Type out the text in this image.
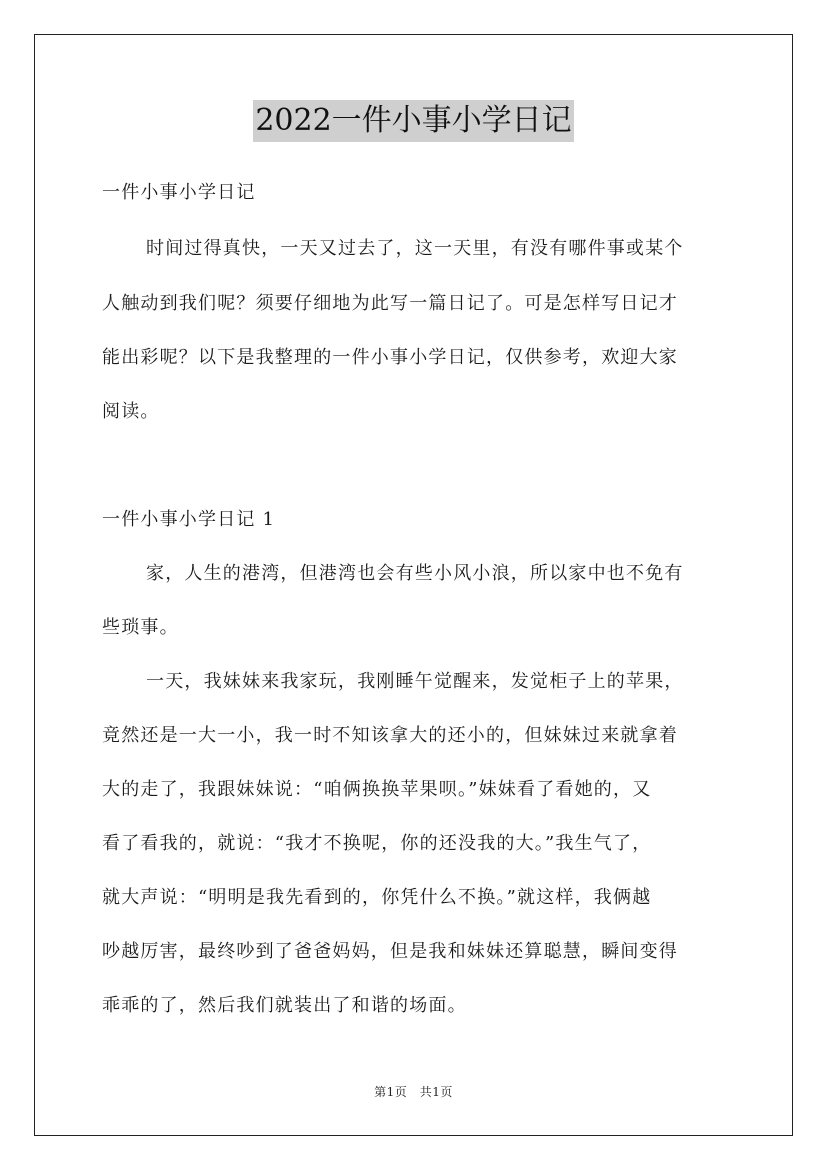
2022一件小事小学日记
一件小事小学日记
时间过得真快，一天又过去了，这一天里，有没有哪件事或某个
人触动到我们呢？须要仔细地为此写一篇日记了。可是怎样写日记才
能出彩呢？以下是我整理的一件小事小学日记，仅供参考，欢迎大家
阅读。
一件小事小学日记 1
家，人生的港湾，但港湾也会有些小风小浪，所以家中也不免有
些琐事。
一天，我妹妹来我家玩，我刚睡午觉醒来，发觉柜子上的苹果，
竟然还是一大一小，我一时不知该拿大的还小的，但妹妹过来就拿着
大的走了，我跟妹妹说：“咱俩换换苹果呗。”妹妹看了看她的，又
看了看我的，就说：“我才不换呢，你的还没我的大。”我生气了，
就大声说：“明明是我先看到的，你凭什么不换。”就这样，我俩越
吵越厉害，最终吵到了爸爸妈妈，但是我和妹妹还算聪慧，瞬间变得
乖乖的了，然后我们就装出了和谐的场面。
第1页　共1页
